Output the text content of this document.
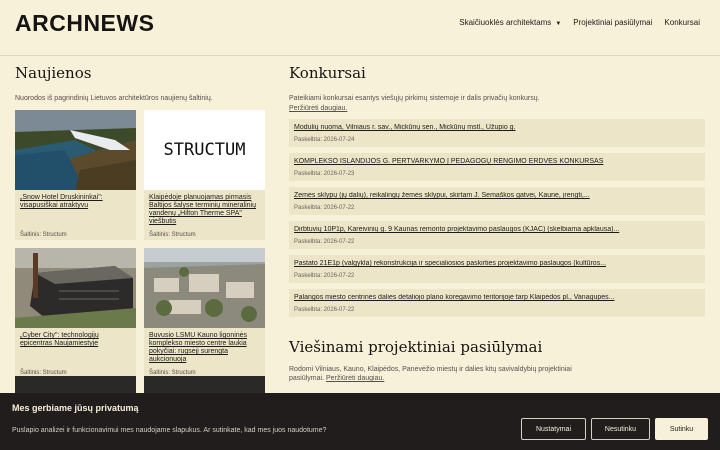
ARCHNEWS	Skaičiuoklės architektams ▼ Projektiniai pasiūlymai Konkursai
Naujienos
Nuorodos iš pagrindinių Lietuvos architektūros naujienų šaltinių.
„Snow Hotel Druskininkai": visapusiškai atraktyvu
Šaltinis: Structum
STRUCTUM
Klaipėdoje planuojamas pirmasis Baltijos šalyse terminių mineralinių vandenų „Hilton Therme SPA" viešbutis
Šaltinis: Structum
„Cyber City": technologijų epicentras Naujamiestyje
Šaltinis: Structum
Buvusio LSMU Kauno ligoninės komplekso miesto centre laukia pokyčiai: rugsėjį surengta aukcionuoja
Šaltinis: Structum
Konkursai
Pateikiami konkursai esantys viešųjų pirkimų sistemoje ir dalis privačių konkursų.
Peržiūrėti daugiau.
Modulių nuoma, Vilniaus r. sav., Mickūnų sen., Mickūnų mstl., Užupio g.
Paskelbta: 2026-07-24
KOMPLEKSO ISLANDIJOS G. PERTVARKYMO Į PEDAGOGŲ RENGIMO ERDVES KONKURSAS
Paskelbta: 2026-07-23
Žemės sklypų (jų dalių), reikalingų žemės sklypui, skirtam J. Semaškos gatvei, Kaune, įrengti,...
Paskelbta: 2026-07-22
Dirbtuvių 10P1p, Kareivinių g. 9 Kaunas remonto projektavimo paslaugos (KJAC) (skelbiama apklausa)...
Paskelbta: 2026-07-22
Pastato 21E1p (valgykla) rekonstrukcija ir specialiosios paskirties projektavimo paslaugos (kultūros...
Paskelbta: 2026-07-22
Palangos miesto centrinės dalies detaliojo plano koregavimo teritorijoje tarp Klaipėdos pl., Vanagupės...
Paskelbta: 2026-07-22
Viešinami projektiniai pasiūlymai
Rodomi Vilniaus, Kauno, Klaipėdos, Panevėžio miestų ir dalies kitų savivaldybių projektiniai pasiūlymai. Peržiūrėti daugiau.
Mes gerbiame jūsų privatumą
Puslapio analizei ir funkcionavimui mes naudojame slapukus. Ar sutinkate, kad mes juos naudotume?	Nustatymai	Nesutinku	Sutinku
